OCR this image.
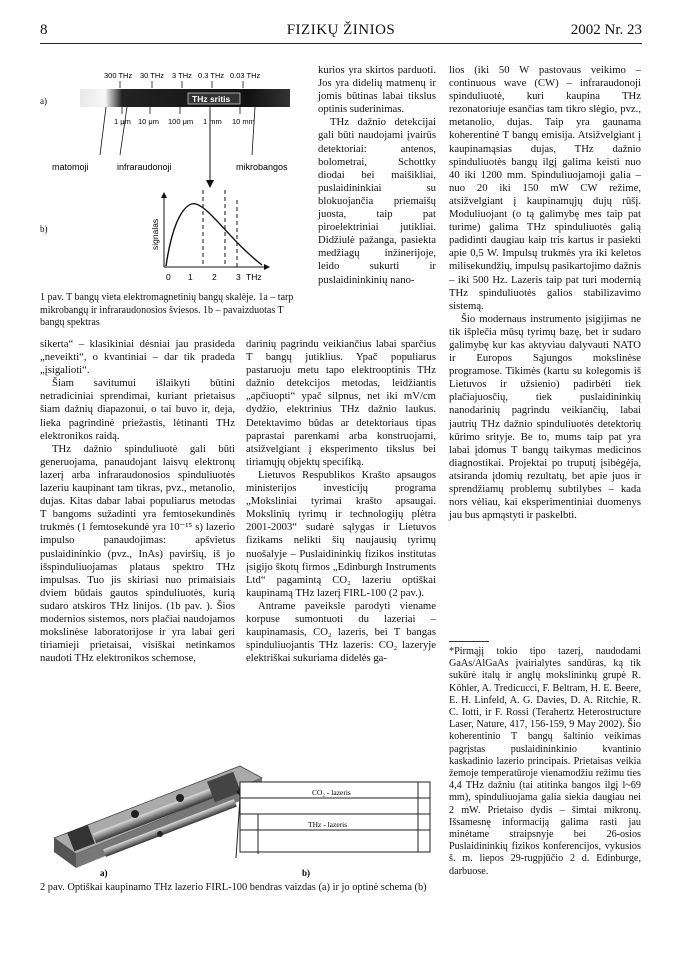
8	FIZIKŲ ŽINIOS	2002 Nr. 23
a)
300 THz 30 THz 3 THz 0.3 THz 0.03 THz
THz sritis
1 μm 10 μm 100 μm 1 mm 10 mm
matomoji	infraraudonoji	mikrobangos
b)	signalas
0 1 2 3 THz
1 pav. T bangų vieta elektromagnetinių bangų skalėje. 1a – tarp mikrobangų ir infraraudonosios šviesos. 1b – pavaizduotas T bangų spektras

kurios yra skirtos parduoti. Jos yra didelių matmenų ir jomis būtinas labai tikslus optinis suderinimas.

THz dažnio detekcijai gali būti naudojami įvairūs detektoriai: antenos, bolometrai, Schottky diodai bei maišikliai, puslaidininkiai su blokuojančia priemaišų juosta, taip pat piroelektriniai jutikliai. Didžiulė pažanga, pasiekta medžiagų inžinerijoje, leido sukurti ir puslaidininkinių nano-

sikerta“ – klasikiniai dėsniai jau prasideda „neveikti“, o kvantiniai – dar tik pradeda „įsigalioti“.

Šiam savitumui išlaikyti būtini netradiciniai sprendimai, kuriant prietaisus šiam dažnių diapazonui, o tai buvo ir, deja, lieka pagrindinė priežastis, lėtinanti THz elektronikos raidą.

THz dažnio spinduliuotė gali būti generuojama, panaudojant laisvų elektronų lazerį arba infraraudonosios spinduliuotės lazeriu kaupinant tam tikras, pvz., metanolio, dujas. Kitas dabar labai populiarus metodas T bangoms sužadinti yra femtosekundinės trukmės (1 femtosekundė yra 10⁻¹⁵ s) lazerio impulso panaudojimas: apšvietus puslaidininkio (pvz., InAs) paviršių, iš jo išspinduliuojamas plataus spektro THz impulsas. Tuo jis skiriasi nuo primaisiais dviem būdais gautos spinduliuotės, kurią sudaro atskiros THz linijos. (1b pav. ). Šios modernios sistemos, nors plačiai naudojamos mokslinėse laboratorijose ir yra labai geri tiriamieji prietaisai, visiškai netinkamos naudoti THz elektronikos schemose,

darinių pagrindu veikiančius labai sparčius T bangų jutiklius. Ypač populiarus pastaruoju metu tapo elektrooptinis THz dažnio detekcijos metodas, leidžiantis „apčiuopti“ ypač silpnus, net iki mV/cm dydžio, elektrinius THz dažnio laukus. Detektavimo būdas ar detektoriaus tipas paprastai parenkami arba konstruojami, atsižvelgiant į eksperimento tikslus bei tiriamųjų objektų specifiką.

Lietuvos Respublikos Krašto apsaugos ministerijos investicijų programa „Moksliniai tyrimai krašto apsaugai. Mokslinių tyrimų ir technologijų plėtra 2001-2003“ sudarė sąlygas ir Lietuvos fizikams nelikti šių naujausių tyrimų nuošalyje – Puslaidininkių fizikos institutas įsigijo škotų firmos „Edinburgh Instruments Ltd“ pagamintą CO₂ lazeriu optiškai kaupinamą THz lazerį FIRL-100 (2 pav.).

Antrame paveiksle parodyti viename korpuse sumontuoti du lazeriai – kaupinamasis, CO₂ lazeris, bei T bangas spinduliuojantis THz lazeris: CO₂ lazeryje elektriškai sukuriama didelės ga-

lios (iki 50 W pastovaus veikimo – continuous wave (CW) – infraraudonoji spinduliuotė, kuri kaupina THz rezonatoriuje esančias tam tikro slėgio, pvz., metanolio, dujas. Taip yra gaunama koherentinė T bangų emisija. Atsižvelgiant į kaupinamąsias dujas, THz dažnio spinduliuotės bangų ilgį galima keisti nuo 40 iki 1200 mm. Spinduliuojamoji galia – nuo 20 iki 150 mW CW režime, atsižvelgiant į kaupinamųjų dujų rūšį. Moduliuojant (o tą galimybę mes taip pat turime) galima THz spinduliuotės galią padidinti daugiau kaip tris kartus ir pasiekti apie 0,5 W. Impulsų trukmės yra iki keletos milisekundžių, impulsų pasikartojimo dažnis – iki 500 Hz. Lazeris taip pat turi modernią THz spinduliuotės galios stabilizavimo sistemą.

Šio modernaus instrumento įsigijimas ne tik išplečia mūsų tyrimų bazę, bet ir sudaro galimybę kur kas aktyviau dalyvauti NATO ir Europos Sąjungos mokslinėse programose. Tikimės (kartu su kolegomis iš Lietuvos ir užsienio) padirbėti tiek plačiajuosčių, tiek puslaidininkių nanodarinių pagrindu veikiančių, labai jautrių THz dažnio spinduliuotės detektorių kūrimo srityje. Be to, mums taip pat yra labai įdomus T bangų taikymas medicinos diagnostikai. Projektai po truputį įsibėgėja, atsiranda įdomių rezultatų, bet apie juos ir sprendžiamų problemų subtilybes – kada nors vėliau, kai eksperimentiniai duomenys jau bus apmąstyti ir paskelbti.

*Pirmąjį tokio tipo tazerį, naudodami GaAs/AlGaAs įvairialytes sandūras, ką tik sukūrė italų ir anglų mokslininkų grupė R. Köhler, A. Tredicucci, F. Beltram, H. E. Beere, E. H. Linfeld, A. G. Davies, D. A. Ritchie, R. C. Iotti, ir F. Rossi (Terahertz Heterostructure Laser, Nature, 417, 156-159, 9 May 2002). Šio koherentinio T bangų šaltinio veikimas pagrįstas puslaidininkinio kvantinio kaskadinio lazerio principais. Prietaisas veikia žemoje temperatūroje vienamodžiu režimu ties 4,4 THz dažniu (tai atitinka bangos ilgį l~69 mm), spinduliuojama galia siekia daugiau nei 2 mW. Prietaiso dydis – šimtai mikronų. Išsamesnę informaciją galima rasti jau minėtame straipsnyje bei 26-osios Puslaidininkių fizikos konferencijos, vykusios š. m. liepos 29-rugpjūčio 2 d. Edinburge, darbuose.

a)
CO₂ - lazeris
THz - lazeris
b)
2 pav. Optiškai kaupinamo THz lazerio FIRL-100 bendras vaizdas (a) ir jo optinė schema (b)
